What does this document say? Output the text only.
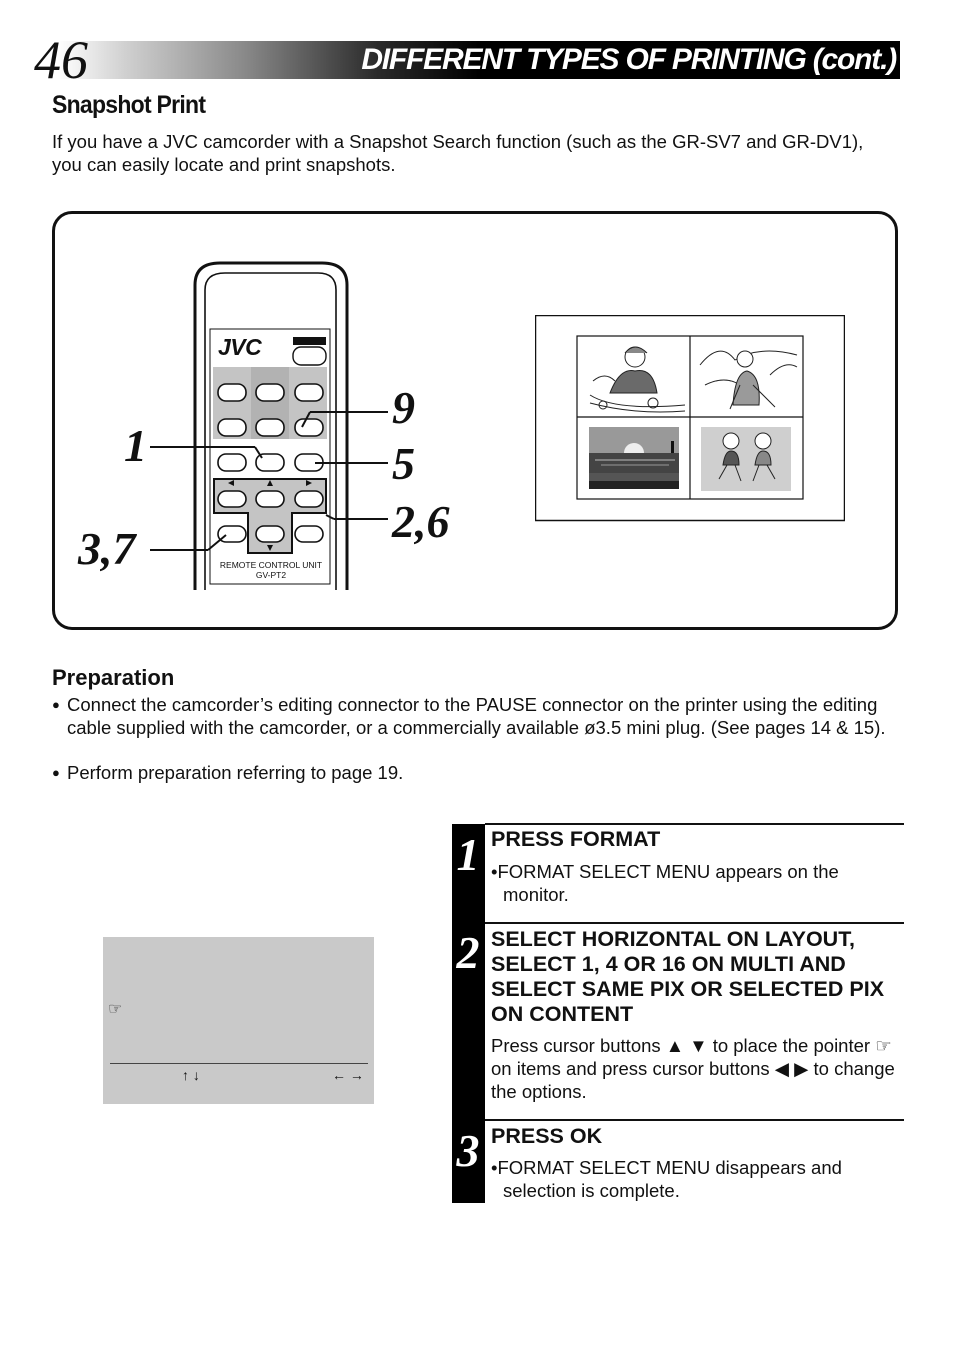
46	DIFFERENT TYPES OF PRINTING (cont.)
Snapshot Print
If you have a JVC camcorder with a Snapshot Search function (such as the GR-SV7 and GR-DV1), you can easily locate and print snapshots.
JVC
REMOTE CONTROL UNIT
GV-PT2
1
3,7
9
5
2,6
Preparation
● Connect the camcorder’s editing connector to the PAUSE connector on the printer using the editing cable supplied with the camcorder, or a commercially available ø3.5 mini plug. (See pages 14 & 15).
● Perform preparation referring to page 19.
☞
↑ ↓	← →
1 PRESS FORMAT
•FORMAT SELECT MENU appears on the monitor.
2 SELECT HORIZONTAL ON LAYOUT, SELECT 1, 4 OR 16 ON MULTI AND SELECT SAME PIX OR SELECTED PIX ON CONTENT
Press cursor buttons ▲ ▼ to place the pointer ☞ on items and press cursor buttons ◀ ▶ to change the options.
3 PRESS OK
•FORMAT SELECT MENU disappears and selection is complete.
